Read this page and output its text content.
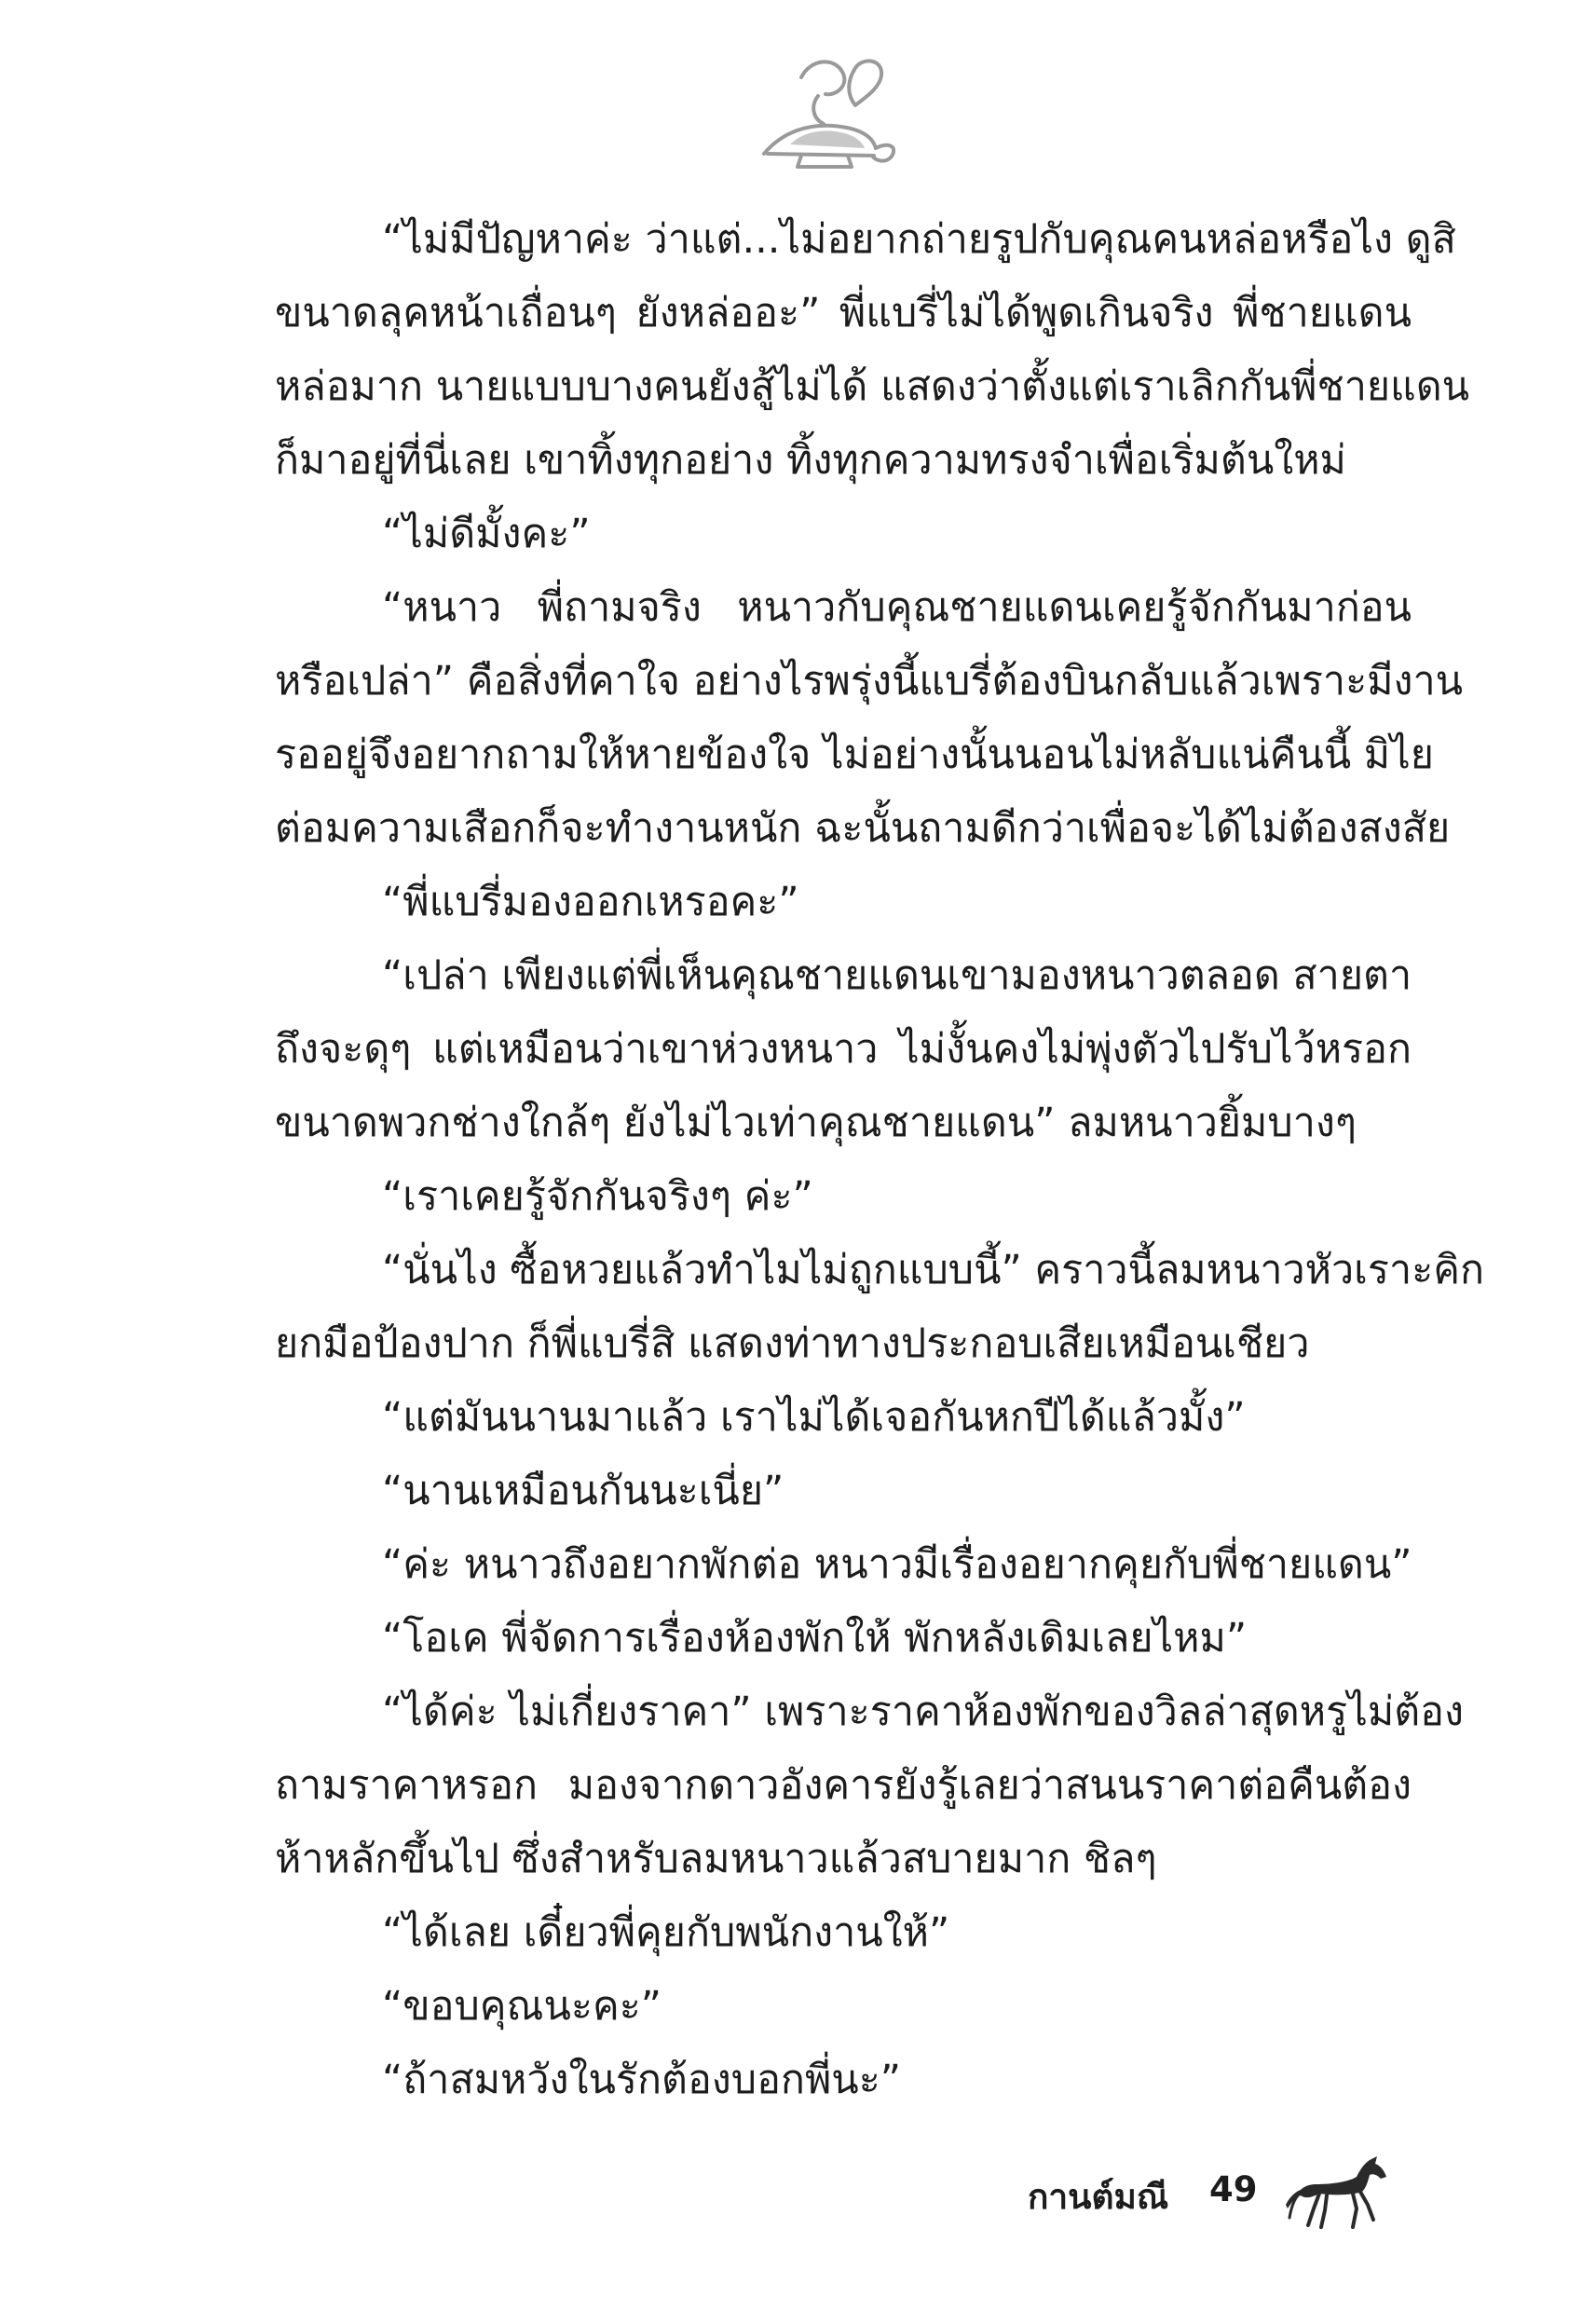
“ไม่มีปัญหาค่ะ ว่าแต่...ไม่อยากถ่ายรูปกับคุณคนหล่อหรือไง ดูสิ
ขนาดลุคหน้าเถื่อนๆ ยังหล่ออะ” พี่แบรี่ไม่ได้พูดเกินจริง พี่ชายแดน
หล่อมาก นายแบบบางคนยังสู้ไม่ได้ แสดงว่าตั้งแต่เราเลิกกันพี่ชายแดน
ก็มาอยู่ที่นี่เลย เขาทิ้งทุกอย่าง ทิ้งทุกความทรงจำเพื่อเริ่มต้นใหม่
“ไม่ดีมั้งคะ”
“หนาว พี่ถามจริง หนาวกับคุณชายแดนเคยรู้จักกันมาก่อน
หรือเปล่า” คือสิ่งที่คาใจ อย่างไรพรุ่งนี้แบรี่ต้องบินกลับแล้วเพราะมีงาน
รออยู่จึงอยากถามให้หายข้องใจ ไม่อย่างนั้นนอนไม่หลับแน่คืนนี้ มิไย
ต่อมความเสือกก็จะทำงานหนัก ฉะนั้นถามดีกว่าเพื่อจะได้ไม่ต้องสงสัย
“พี่แบรี่มองออกเหรอคะ”
“เปล่า เพียงแต่พี่เห็นคุณชายแดนเขามองหนาวตลอด สายตา
ถึงจะดุๆ แต่เหมือนว่าเขาห่วงหนาว ไม่งั้นคงไม่พุ่งตัวไปรับไว้หรอก
ขนาดพวกช่างใกล้ๆ ยังไม่ไวเท่าคุณชายแดน” ลมหนาวยิ้มบางๆ
“เราเคยรู้จักกันจริงๆ ค่ะ”
“นั่นไง ซื้อหวยแล้วทำไมไม่ถูกแบบนี้” คราวนี้ลมหนาวหัวเราะคิก
ยกมือป้องปาก ก็พี่แบรี่สิ แสดงท่าทางประกอบเสียเหมือนเชียว
“แต่มันนานมาแล้ว เราไม่ได้เจอกันหกปีได้แล้วมั้ง”
“นานเหมือนกันนะเนี่ย”
“ค่ะ หนาวถึงอยากพักต่อ หนาวมีเรื่องอยากคุยกับพี่ชายแดน”
“โอเค พี่จัดการเรื่องห้องพักให้ พักหลังเดิมเลยไหม”
“ได้ค่ะ ไม่เกี่ยงราคา” เพราะราคาห้องพักของวิลล่าสุดหรูไม่ต้อง
ถามราคาหรอก มองจากดาวอังคารยังรู้เลยว่าสนนราคาต่อคืนต้อง
ห้าหลักขึ้นไป ซึ่งสำหรับลมหนาวแล้วสบายมาก ชิลๆ
“ได้เลย เดี๋ยวพี่คุยกับพนักงานให้”
“ขอบคุณนะคะ”
“ถ้าสมหวังในรักต้องบอกพี่นะ”
กานต์มณี 49
